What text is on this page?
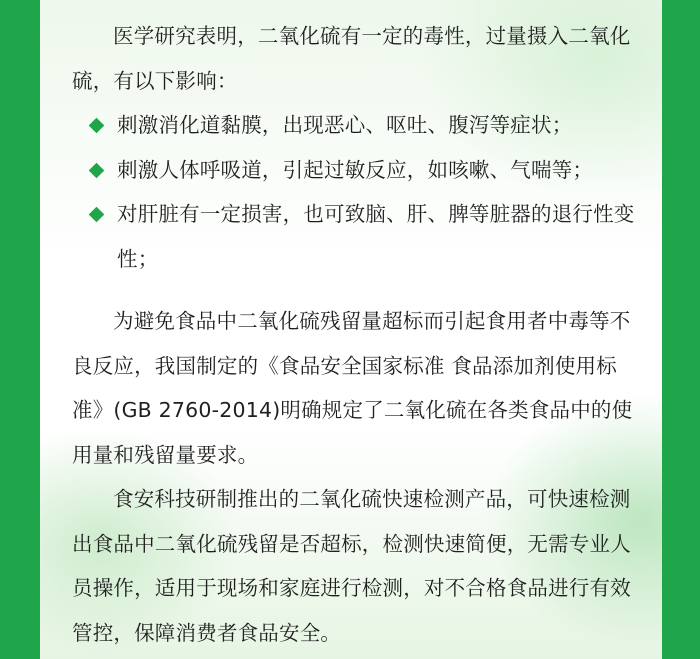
医学研究表明，二氧化硫有一定的毒性，过量摄入二氧化硫，有以下影响：

刺激消化道黏膜，出现恶心、呕吐、腹泻等症状；
刺激人体呼吸道，引起过敏反应，如咳嗽、气喘等；
对肝脏有一定损害，也可致脑、肝、脾等脏器的退行性变性；

为避免食品中二氧化硫残留量超标而引起食用者中毒等不良反应，我国制定的《食品安全国家标准 食品添加剂使用标准》(GB 2760-2014)明确规定了二氧化硫在各类食品中的使用量和残留量要求。

食安科技研制推出的二氧化硫快速检测产品，可快速检测出食品中二氧化硫残留是否超标，检测快速简便，无需专业人员操作，适用于现场和家庭进行检测，对不合格食品进行有效管控，保障消费者食品安全。
